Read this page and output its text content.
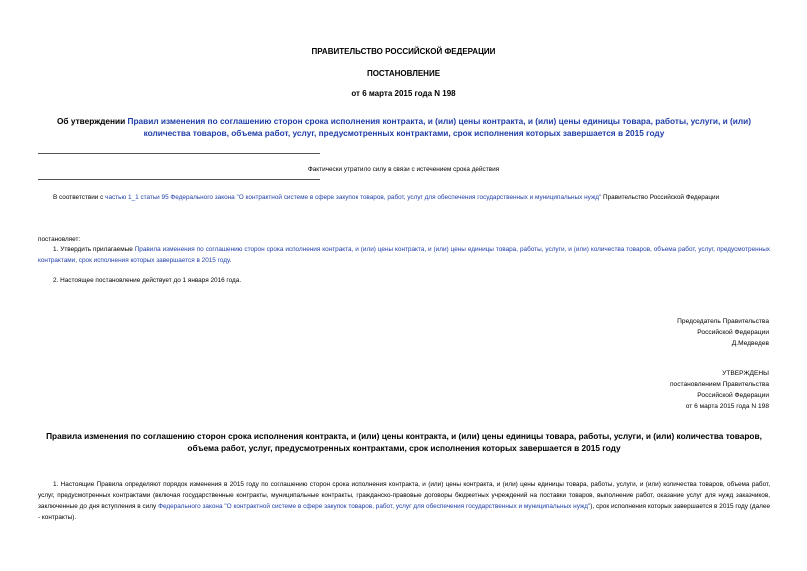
ПРАВИТЕЛЬСТВО РОССИЙСКОЙ ФЕДЕРАЦИИ
ПОСТАНОВЛЕНИЕ
от 6 марта 2015 года N 198
Об утверждении Правил изменения по соглашению сторон срока исполнения контракта, и (или) цены контракта, и (или) цены единицы товара, работы, услуги, и (или) количества товаров, объема работ, услуг, предусмотренных контрактами, срок исполнения которых завершается в 2015 году
Фактически утратило силу в связи с истечением срока действия
В соответствии с частью 1_1 статьи 95 Федерального закона "О контрактной системе в сфере закупок товаров, работ, услуг для обеспечения государственных и муниципальных нужд" Правительство Российской Федерации
постановляет:
1. Утвердить прилагаемые Правила изменения по соглашению сторон срока исполнения контракта, и (или) цены контракта, и (или) цены единицы товара, работы, услуги, и (или) количества товаров, объема работ, услуг, предусмотренных контрактами, срок исполнения которых завершается в 2015 году.
2. Настоящее постановление действует до 1 января 2016 года.
Председатель Правительства
Российской Федерации
Д.Медведев
УТВЕРЖДЕНЫ
постановлением Правительства
Российской Федерации
от 6 марта 2015 года N 198
Правила изменения по соглашению сторон срока исполнения контракта, и (или) цены контракта, и (или) цены единицы товара, работы, услуги, и (или) количества товаров, объема работ, услуг, предусмотренных контрактами, срок исполнения которых завершается в 2015 году
1. Настоящие Правила определяют порядок изменения в 2015 году по соглашению сторон срока исполнения контракта, и (или) цены контракта, и (или) цены единицы товара, работы, услуги, и (или) количества товаров, объема работ, услуг, предусмотренных контрактами (включая государственные контракты, муниципальные контракты, гражданско-правовые договоры бюджетных учреждений на поставки товаров, выполнение работ, оказание услуг для нужд заказчиков, заключенные до дня вступления в силу Федерального закона "О контрактной системе в сфере закупок товаров, работ, услуг для обеспечения государственных и муниципальных нужд"), срок исполнения которых завершается в 2015 году (далее - контракты).
